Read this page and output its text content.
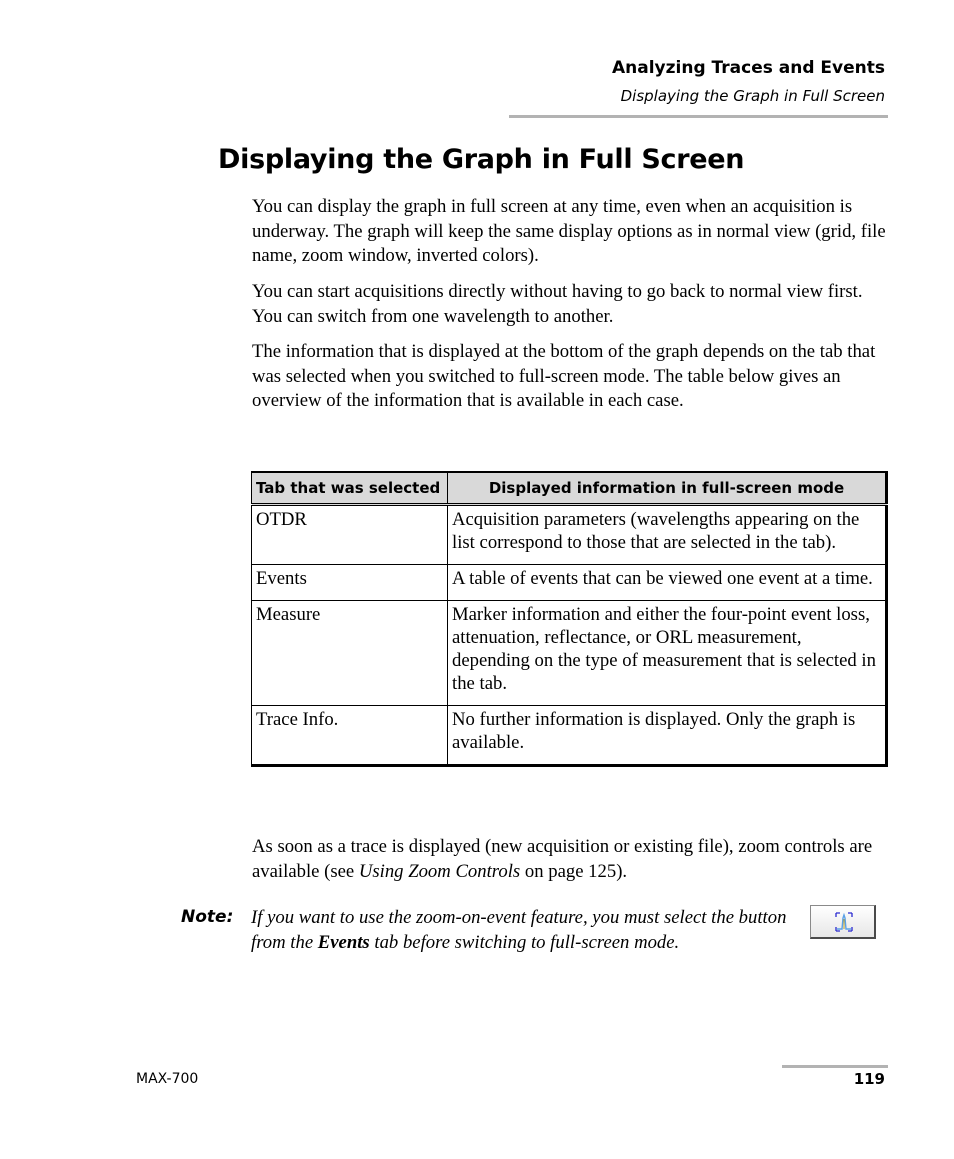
Analyzing Traces and Events
Displaying the Graph in Full Screen
Displaying the Graph in Full Screen

You can display the graph in full screen at any time, even when an acquisition is underway. The graph will keep the same display options as in normal view (grid, file name, zoom window, inverted colors).

You can start acquisitions directly without having to go back to normal view first. You can switch from one wavelength to another.

The information that is displayed at the bottom of the graph depends on the tab that was selected when you switched to full-screen mode. The table below gives an overview of the information that is available in each case.

Tab that was selected	Displayed information in full-screen mode
OTDR	Acquisition parameters (wavelengths appearing on the list correspond to those that are selected in the tab).
Events	A table of events that can be viewed one event at a time.
Measure	Marker information and either the four-point event loss, attenuation, reflectance, or ORL measurement, depending on the type of measurement that is selected in the tab.
Trace Info.	No further information is displayed. Only the graph is available.

As soon as a trace is displayed (new acquisition or existing file), zoom controls are available (see Using Zoom Controls on page 125).

Note: If you want to use the zoom-on-event feature, you must select the button from the Events tab before switching to full-screen mode.

MAX-700	119
